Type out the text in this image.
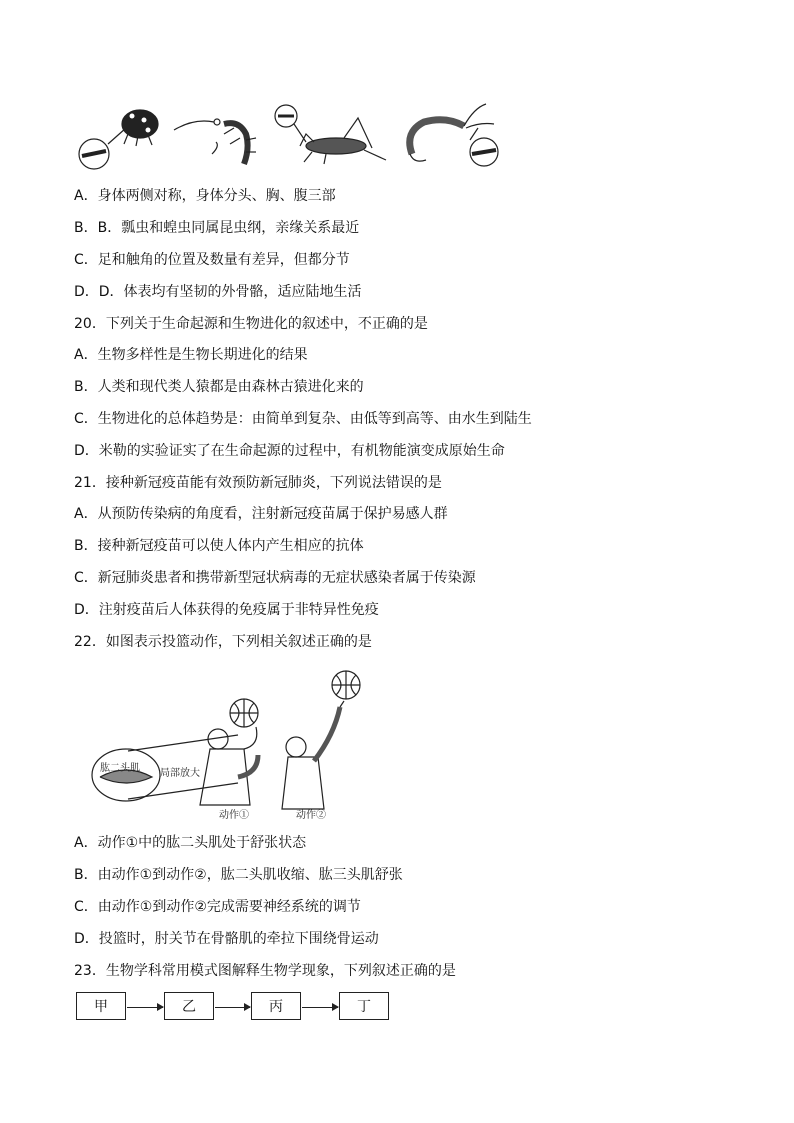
A．身体两侧对称，身体分头、胸、腹三部
B．B．瓢虫和蝗虫同属昆虫纲，亲缘关系最近
C．足和触角的位置及数量有差异，但都分节
D．D．体表均有坚韧的外骨骼，适应陆地生活
20．下列关于生命起源和生物进化的叙述中，不正确的是
A．生物多样性是生物长期进化的结果
B．人类和现代类人猿都是由森林古猿进化来的
C．生物进化的总体趋势是：由简单到复杂、由低等到高等、由水生到陆生
D．米勒的实验证实了在生命起源的过程中，有机物能演变成原始生命
21．接种新冠疫苗能有效预防新冠肺炎，下列说法错误的是
A．从预防传染病的角度看，注射新冠疫苗属于保护易感人群
B．接种新冠疫苗可以使人体内产生相应的抗体
C．新冠肺炎患者和携带新型冠状病毒的无症状感染者属于传染源
D．注射疫苗后人体获得的免疫属于非特异性免疫
22．如图表示投篮动作，下列相关叙述正确的是
肱二头肌 局部放大
动作①	动作②
A．动作①中的肱二头肌处于舒张状态
B．由动作①到动作②，肱二头肌收缩、肱三头肌舒张
C．由动作①到动作②完成需要神经系统的调节
D．投篮时，肘关节在骨骼肌的牵拉下围绕骨运动
23．生物学科常用模式图解释生物学现象，下列叙述正确的是
甲	乙	丙	丁
